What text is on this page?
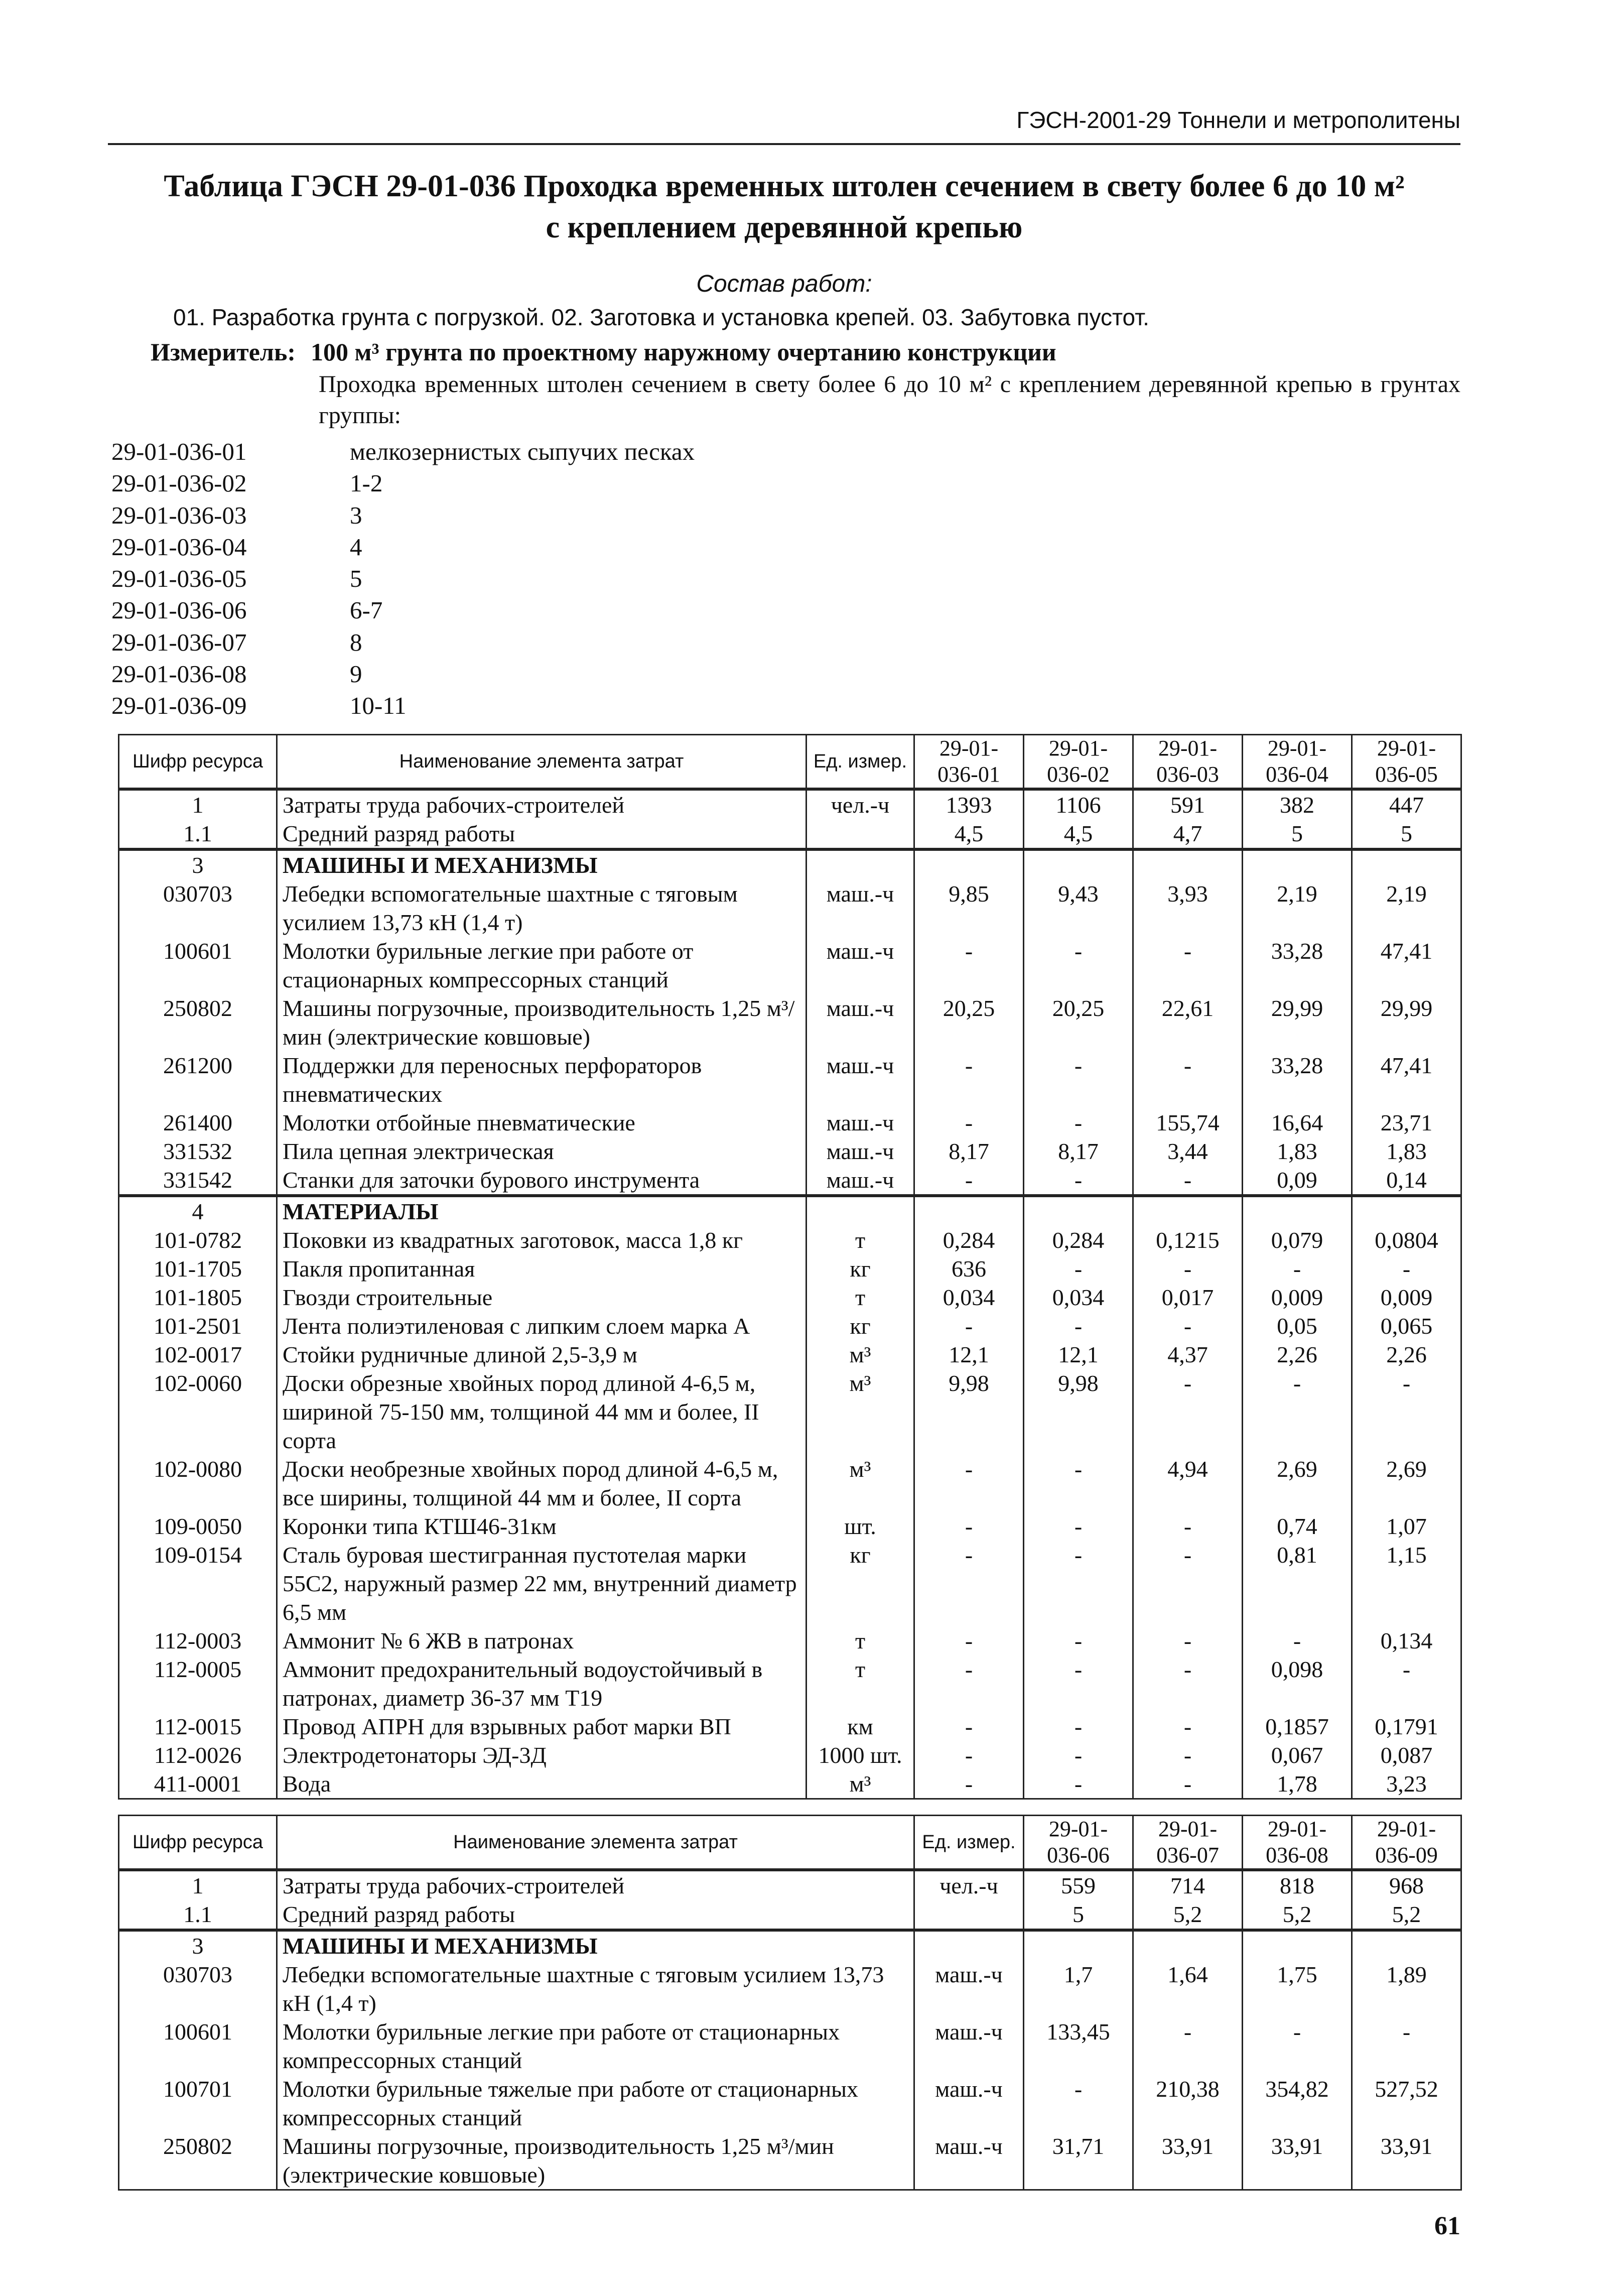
ГЭСН-2001-29 Тоннели и метрополитены
Таблица ГЭСН 29-01-036 Проходка временных штолен сечением в свету более 6 до 10 м²
с креплением деревянной крепью
Состав работ:
01. Разработка грунта с погрузкой. 02. Заготовка и установка крепей. 03. Забутовка пустот.
Измеритель: 100 м³ грунта по проектному наружному очертанию конструкции
Проходка временных штолен сечением в свету более 6 до 10 м² с креплением деревянной крепью в грунтах группы:
29-01-036-01	мелкозернистых сыпучих песках
29-01-036-02	1-2
29-01-036-03	3
29-01-036-04	4
29-01-036-05	5
29-01-036-06	6-7
29-01-036-07	8
29-01-036-08	9
29-01-036-09	10-11
Шифр ресурса	Наименование элемента затрат	Ед. измер.	29-01-036-01	29-01-036-02	29-01-036-03	29-01-036-04	29-01-036-05
1	Затраты труда рабочих-строителей	чел.-ч	1393	1106	591	382	447
1.1	Средний разряд работы		4,5	4,5	4,7	5	5
3	МАШИНЫ И МЕХАНИЗМЫ						
030703	Лебедки вспомогательные шахтные с тяговым усилием 13,73 кН (1,4 т)	маш.-ч	9,85	9,43	3,93	2,19	2,19
100601	Молотки бурильные легкие при работе от стационарных компрессорных станций	маш.-ч	-	-	-	33,28	47,41
250802	Машины погрузочные, производительность 1,25 м³/мин (электрические ковшовые)	маш.-ч	20,25	20,25	22,61	29,99	29,99
261200	Поддержки для переносных перфораторов пневматических	маш.-ч	-	-	-	33,28	47,41
261400	Молотки отбойные пневматические	маш.-ч	-	-	155,74	16,64	23,71
331532	Пила цепная электрическая	маш.-ч	8,17	8,17	3,44	1,83	1,83
331542	Станки для заточки бурового инструмента	маш.-ч	-	-	-	0,09	0,14
4	МАТЕРИАЛЫ						
101-0782	Поковки из квадратных заготовок, масса 1,8 кг	т	0,284	0,284	0,1215	0,079	0,0804
101-1705	Пакля пропитанная	кг	636	-	-	-	-
101-1805	Гвозди строительные	т	0,034	0,034	0,017	0,009	0,009
101-2501	Лента полиэтиленовая с липким слоем марка А	кг	-	-	-	0,05	0,065
102-0017	Стойки рудничные длиной 2,5-3,9 м	м³	12,1	12,1	4,37	2,26	2,26
102-0060	Доски обрезные хвойных пород длиной 4-6,5 м, шириной 75-150 мм, толщиной 44 мм и более, II сорта	м³	9,98	9,98	-	-	-
102-0080	Доски необрезные хвойных пород длиной 4-6,5 м, все ширины, толщиной 44 мм и более, II сорта	м³	-	-	4,94	2,69	2,69
109-0050	Коронки типа КТШ46-31км	шт.	-	-	-	0,74	1,07
109-0154	Сталь буровая шестигранная пустотелая марки 55С2, наружный размер 22 мм, внутренний диаметр 6,5 мм	кг	-	-	-	0,81	1,15
112-0003	Аммонит № 6 ЖВ в патронах	т	-	-	-	-	0,134
112-0005	Аммонит предохранительный водоустойчивый в патронах, диаметр 36-37 мм Т19	т	-	-	-	0,098	-
112-0015	Провод АПРН для взрывных работ марки ВП	км	-	-	-	0,1857	0,1791
112-0026	Электродетонаторы ЭД-3Д	1000 шт.	-	-	-	0,067	0,087
411-0001	Вода	м³	-	-	-	1,78	3,23
Шифр ресурса	Наименование элемента затрат	Ед. измер.	29-01-036-06	29-01-036-07	29-01-036-08	29-01-036-09
1	Затраты труда рабочих-строителей	чел.-ч	559	714	818	968
1.1	Средний разряд работы		5	5,2	5,2	5,2
3	МАШИНЫ И МЕХАНИЗМЫ					
030703	Лебедки вспомогательные шахтные с тяговым усилием 13,73 кН (1,4 т)	маш.-ч	1,7	1,64	1,75	1,89
100601	Молотки бурильные легкие при работе от стационарных компрессорных станций	маш.-ч	133,45	-	-	-
100701	Молотки бурильные тяжелые при работе от стационарных компрессорных станций	маш.-ч	-	210,38	354,82	527,52
250802	Машины погрузочные, производительность 1,25 м³/мин (электрические ковшовые)	маш.-ч	31,71	33,91	33,91	33,91
61
